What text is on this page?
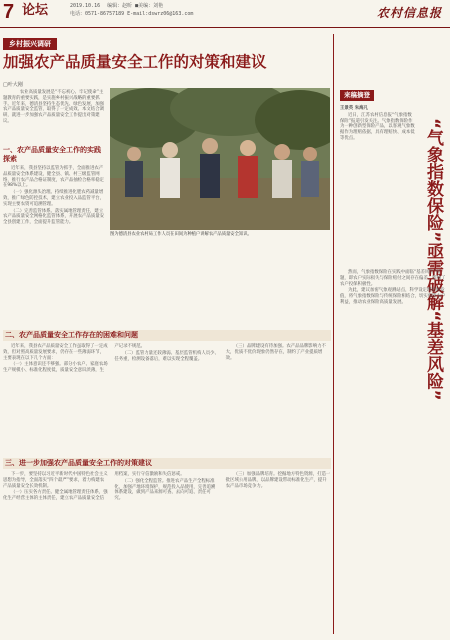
7 论坛	2019.10.16 编辑：赵昕 ■美编：刘艳
电话：0571-86757189 E-mail:dswrz06@163.com	农村信息报
乡村振兴调研
加强农产品质量安全工作的对策和建议
□叶大刚

　　农业高质量发展是“不忘初心、牢记使命”主题教育的重要实践，是实施乡村振兴战略的重要抓手。近年来，德清县坚持生态优先、绿色发展，加强农产品质量安全监管，取得了一定成效。本文结合调研，就进一步加强农产品质量安全工作提出对策建议。

一、农产品质量安全工作的实践探索

近年来，我县坚持以监管为抓手，全面推进农产品质量安全体系建设，健全县、镇、村三级监管网络，推行农产品合格证制度，农产品抽检合格率稳定在98%以上。

（一）强化源头治理。持续推进化肥农药减量增效，推广绿色防控技术，建立农业投入品监管平台，实现主要农资可追溯管理。

（二）完善监管体系。落实属地管理责任，建立农产品质量安全网格化监管体系，开展农产品质量安全县创建工作，全面提升监管能力。

图为德清县农业农村局工作人员在田间为种植户讲解农产品质量安全知识。
二、农产品质量安全工作存在的困难和问题

近年来，我县农产品质量安全工作虽取得了一定成效，但对照高质量发展要求，仍存在一些薄弱环节，主要表现在以下几个方面：

（一）主体意识还不够强。部分小农户、家庭农场生产规模小、标准化程度低，质量安全意识淡薄，生产记录不规范。

（二）监管力量还较薄弱。基层监管机构人员少、任务重，检测设备落后，难以实现全程覆盖。

（三）品牌建设有待加强。农产品品牌影响力不大，优质不优价现象仍然存在，制约了产业提质增效。

三、进一步加强农产品质量安全工作的对策建议

下一步，要坚持以习近平新时代中国特色社会主义思想为指导，全面落实“四个最严”要求，着力构建农产品质量安全长效机制。

（一）压实各方责任。健全属地管理责任体系，强化生产经营主体的主体责任，建立农产品质量安全信用档案，实行守信激励和失信惩戒。

（二）强化全程监管。推进农产品生产全程标准化，加强产地环境保护，规范投入品使用，完善追溯体系建设，做到产品来源可查、去向可追、责任可究。

（三）加强品牌培育。挖掘地方特色资源，打造一批区域公用品牌，以品牌建设带动标准化生产，提升农产品市场竞争力。

来稿摘登
“气象指数保险”亟需破解“基差风险”

王景英 朱海凡

近日，江苏农村信息报“气象指数保险”报道引发关注。气象指数保险作为一种创新型保险产品，以客观气象数据作为理赔依据，具有理赔快、成本低等优点。

然而，气象指数保险在实践中面临“基差风险”问题，即农户实际损失与保险赔付之间存在偏差，影响了农户投保积极性。

为此，建议加密气象观测站点，科学设定理赔触发值，将气象指数保险与传统保险相结合，切实保障农户利益，推动农业保险高质量发展。
